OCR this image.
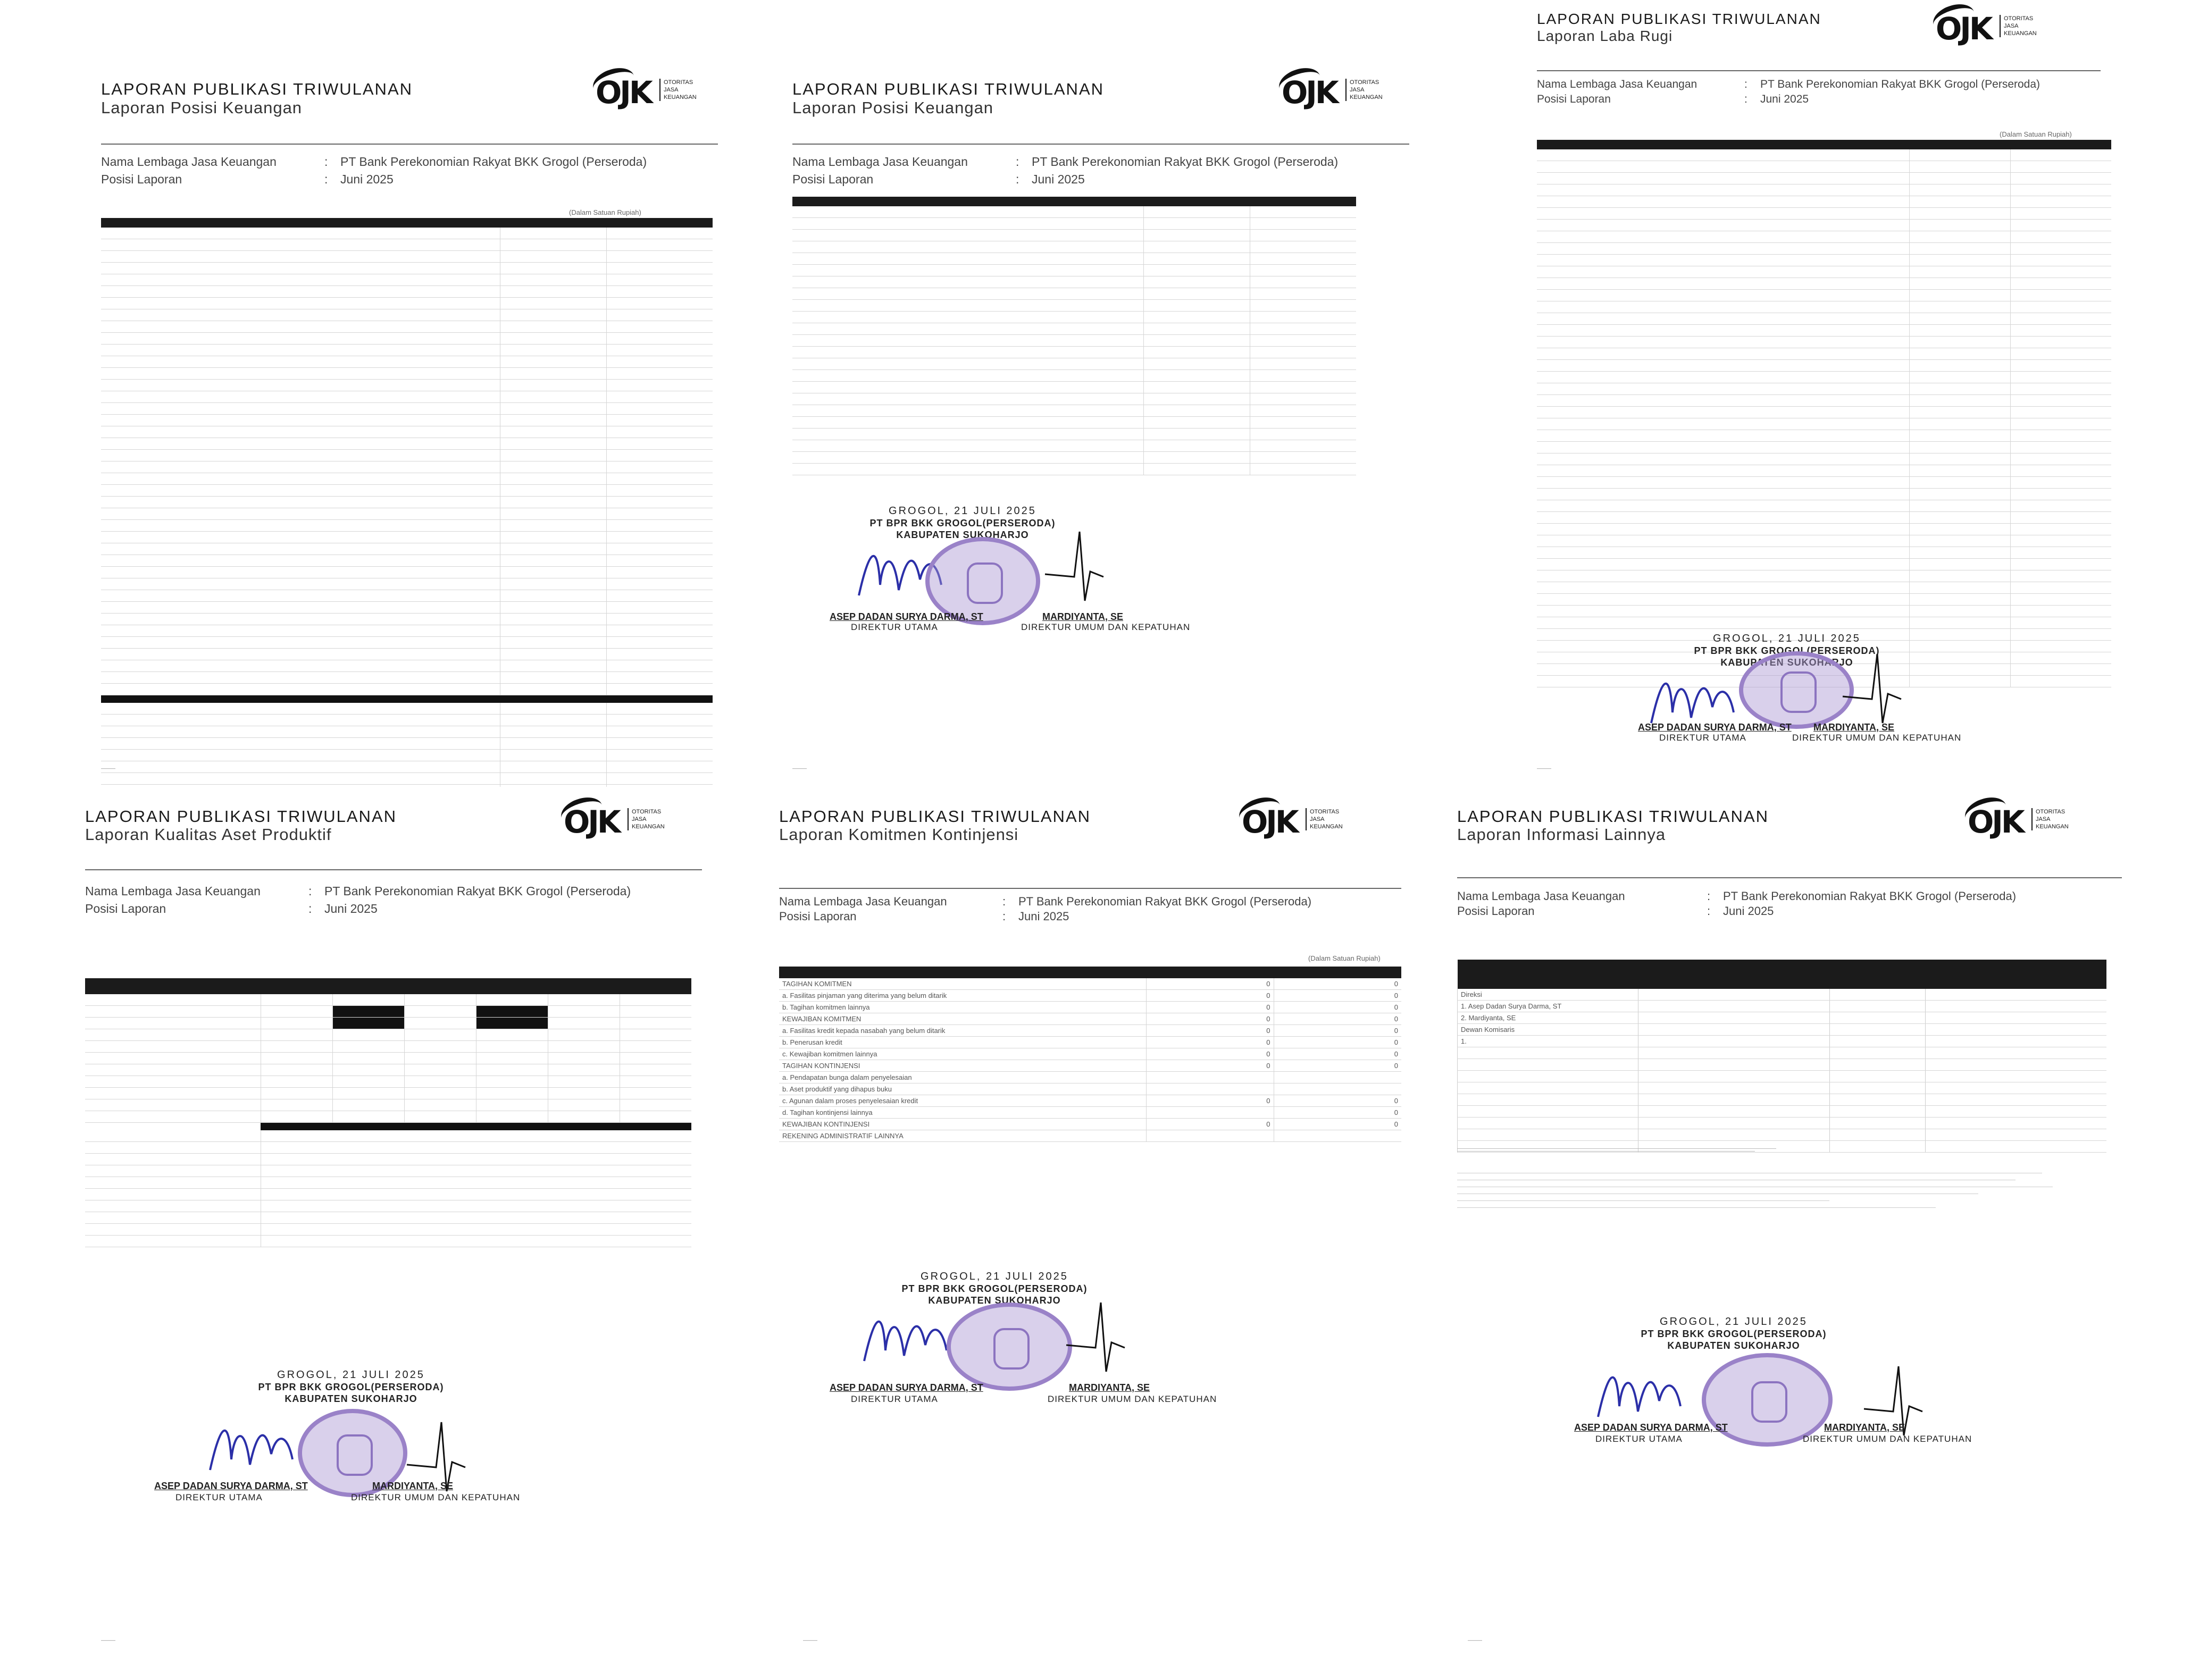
LAPORAN PUBLIKASI TRIWULANAN
Laporan Posisi Keuangan	OJK	OTORITAS
JASA
KEUANGAN
Nama Lembaga Jasa Keuangan	: PT Bank Perekonomian Rakyat BKK Grogol (Perseroda)
Posisi Laporan	: Juni 2025
(Dalam Satuan Rupiah)

———
LAPORAN PUBLIKASI TRIWULANAN
Laporan Posisi Keuangan	OJK	OTORITAS
JASA
KEUANGAN
Nama Lembaga Jasa Keuangan	: PT Bank Perekonomian Rakyat BKK Grogol (Perseroda)
Posisi Laporan	: Juni 2025

GROGOL, 21 JULI 2025
PT BPR BKK GROGOL(PERSERODA)
KABUPATEN SUKOHARJO
ASEP DADAN SURYA DARMA, ST
DIREKTUR UTAMA
MARDIYANTA, SE
DIREKTUR UMUM DAN KEPATUHAN
———
LAPORAN PUBLIKASI TRIWULANAN
Laporan Laba Rugi	OJK	OTORITAS
JASA
KEUANGAN
Nama Lembaga Jasa Keuangan	: PT Bank Perekonomian Rakyat BKK Grogol (Perseroda)
Posisi Laporan	: Juni 2025
(Dalam Satuan Rupiah)

GROGOL, 21 JULI 2025
PT BPR BKK GROGOL(PERSERODA)
KABUPATEN SUKOHARJO
ASEP DADAN SURYA DARMA, ST
DIREKTUR UTAMA
MARDIYANTA, SE
DIREKTUR UMUM DAN KEPATUHAN
———
LAPORAN PUBLIKASI TRIWULANAN
Laporan Kualitas Aset Produktif	OJK	OTORITAS
JASA
KEUANGAN
Nama Lembaga Jasa Keuangan	: PT Bank Perekonomian Rakyat BKK Grogol (Perseroda)
Posisi Laporan	: Juni 2025

GROGOL, 21 JULI 2025
PT BPR BKK GROGOL(PERSERODA)
KABUPATEN SUKOHARJO
ASEP DADAN SURYA DARMA, ST
DIREKTUR UTAMA
MARDIYANTA, SE
DIREKTUR UMUM DAN KEPATUHAN
———
LAPORAN PUBLIKASI TRIWULANAN
Laporan Komitmen Kontinjensi	OJK	OTORITAS
JASA
KEUANGAN
Nama Lembaga Jasa Keuangan	: PT Bank Perekonomian Rakyat BKK Grogol (Perseroda)
Posisi Laporan	: Juni 2025
(Dalam Satuan Rupiah)

TAGIHAN KOMITMEN	0	0
a. Fasilitas pinjaman yang diterima yang belum ditarik	0	0
b. Tagihan komitmen lainnya	0	0
KEWAJIBAN KOMITMEN	0	0
a. Fasilitas kredit kepada nasabah yang belum ditarik	0	0
b. Penerusan kredit	0	0
c. Kewajiban komitmen lainnya	0	0
TAGIHAN KONTINJENSI	0	0
a. Pendapatan bunga dalam penyelesaian		
b. Aset produktif yang dihapus buku		
c. Agunan dalam proses penyelesaian kredit	0	0
d. Tagihan kontinjensi lainnya		0
KEWAJIBAN KONTINJENSI	0	0
REKENING ADMINISTRATIF LAINNYA		
GROGOL, 21 JULI 2025
PT BPR BKK GROGOL(PERSERODA)
KABUPATEN SUKOHARJO
ASEP DADAN SURYA DARMA, ST
DIREKTUR UTAMA
MARDIYANTA, SE
DIREKTUR UMUM DAN KEPATUHAN
———
LAPORAN PUBLIKASI TRIWULANAN
Laporan Informasi Lainnya	OJK	OTORITAS
JASA
KEUANGAN
Nama Lembaga Jasa Keuangan	: PT Bank Perekonomian Rakyat BKK Grogol (Perseroda)
Posisi Laporan	: Juni 2025

Direksi			
1. Asep Dadan Surya Darma, ST			
2. Mardiyanta, SE			
Dewan Komisaris			
1.			

GROGOL, 21 JULI 2025
PT BPR BKK GROGOL(PERSERODA)
KABUPATEN SUKOHARJO
ASEP DADAN SURYA DARMA, ST
DIREKTUR UTAMA
MARDIYANTA, SE
DIREKTUR UMUM DAN KEPATUHAN
———
